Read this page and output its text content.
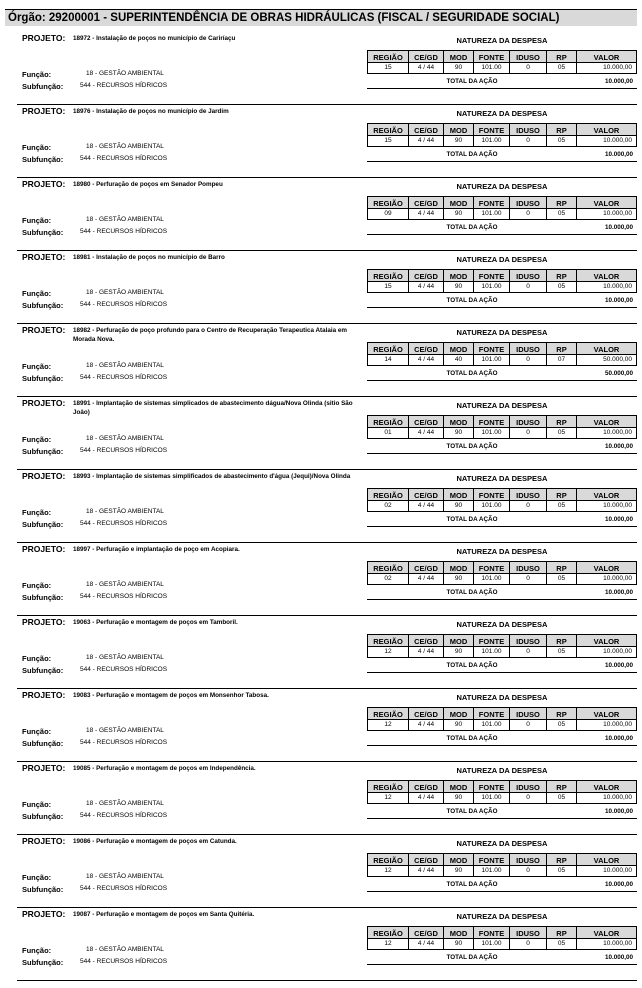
Órgão: 29200001 - SUPERINTENDÊNCIA DE OBRAS HIDRÁULICAS (FISCAL / SEGURIDADE SOCIAL)
PROJETO: 18972 - Instalação de poços no município de Cariríaçu	NATUREZA DA DESPESA
REGIÃO	CE/GD	MOD	FONTE	IDUSO	RP	VALOR
15	4 / 44	90	101.00	0	05	10.000,00
Função:	18 - GESTÃO AMBIENTAL
Subfunção:	544 - RECURSOS HÍDRICOS
TOTAL DA AÇÃO	10.000,00
PROJETO: 18976 - Instalação de poços no município de Jardim	NATUREZA DA DESPESA
REGIÃO	CE/GD	MOD	FONTE	IDUSO	RP	VALOR
15	4 / 44	90	101.00	0	05	10.000,00
Função:	18 - GESTÃO AMBIENTAL
Subfunção:	544 - RECURSOS HÍDRICOS
TOTAL DA AÇÃO	10.000,00
PROJETO: 18980 - Perfuração de poços em Senador Pompeu	NATUREZA DA DESPESA
REGIÃO	CE/GD	MOD	FONTE	IDUSO	RP	VALOR
09	4 / 44	90	101.00	0	05	10.000,00
Função:	18 - GESTÃO AMBIENTAL
Subfunção:	544 - RECURSOS HÍDRICOS
TOTAL DA AÇÃO	10.000,00
PROJETO: 18981 - Instalação de poços no município de Barro	NATUREZA DA DESPESA
REGIÃO	CE/GD	MOD	FONTE	IDUSO	RP	VALOR
15	4 / 44	90	101.00	0	05	10.000,00
Função:	18 - GESTÃO AMBIENTAL
Subfunção:	544 - RECURSOS HÍDRICOS
TOTAL DA AÇÃO	10.000,00
PROJETO: 18982 - Perfuração de poço profundo para o Centro de Recuperação Terapeutica Atalaia em Morada Nova.
NATUREZA DA DESPESA
REGIÃO	CE/GD	MOD	FONTE	IDUSO	RP	VALOR
14	4 / 44	40	101.00	0	07	50.000,00
Função:	18 - GESTÃO AMBIENTAL
Subfunção:	544 - RECURSOS HÍDRICOS
TOTAL DA AÇÃO	50.000,00
PROJETO: 18991 - Implantação de sistemas simplicados de abastecimento dágua/Nova Olinda (sitio São Joâo)
NATUREZA DA DESPESA
REGIÃO	CE/GD	MOD	FONTE	IDUSO	RP	VALOR
01	4 / 44	90	101.00	0	05	10.000,00
Função:	18 - GESTÃO AMBIENTAL
Subfunção:	544 - RECURSOS HÍDRICOS
TOTAL DA AÇÃO	10.000,00
PROJETO: 18993 - Implantação de sistemas simplificados de abastecimento d'água (Jequi)/Nova Olinda	NATUREZA DA DESPESA
REGIÃO	CE/GD	MOD	FONTE	IDUSO	RP	VALOR
02	4 / 44	90	101.00	0	05	10.000,00
Função:	18 - GESTÃO AMBIENTAL
Subfunção:	544 - RECURSOS HÍDRICOS
TOTAL DA AÇÃO	10.000,00
PROJETO: 18997 - Perfuração e implantação de poço em Acopiara.	NATUREZA DA DESPESA
REGIÃO	CE/GD	MOD	FONTE	IDUSO	RP	VALOR
02	4 / 44	90	101.00	0	05	10.000,00
Função:	18 - GESTÃO AMBIENTAL
Subfunção:	544 - RECURSOS HÍDRICOS
TOTAL DA AÇÃO	10.000,00
PROJETO: 19063 - Perfuração e montagem de poços em Tamboril.	NATUREZA DA DESPESA
REGIÃO	CE/GD	MOD	FONTE	IDUSO	RP	VALOR
12	4 / 44	90	101.00	0	05	10.000,00
Função:	18 - GESTÃO AMBIENTAL
Subfunção:	544 - RECURSOS HÍDRICOS
TOTAL DA AÇÃO	10.000,00
PROJETO: 19083 - Perfuração e montagem de poços em Monsenhor Tabosa.	NATUREZA DA DESPESA
REGIÃO	CE/GD	MOD	FONTE	IDUSO	RP	VALOR
12	4 / 44	90	101.00	0	05	10.000,00
Função:	18 - GESTÃO AMBIENTAL
Subfunção:	544 - RECURSOS HÍDRICOS
TOTAL DA AÇÃO	10.000,00
PROJETO: 19085 - Perfuração e montagem de poços em Independência.	NATUREZA DA DESPESA
REGIÃO	CE/GD	MOD	FONTE	IDUSO	RP	VALOR
12	4 / 44	90	101.00	0	05	10.000,00
Função:	18 - GESTÃO AMBIENTAL
Subfunção:	544 - RECURSOS HÍDRICOS
TOTAL DA AÇÃO	10.000,00
PROJETO: 19086 - Perfuração e montagem de poços em Catunda.	NATUREZA DA DESPESA
REGIÃO	CE/GD	MOD	FONTE	IDUSO	RP	VALOR
12	4 / 44	90	101.00	0	05	10.000,00
Função:	18 - GESTÃO AMBIENTAL
Subfunção:	544 - RECURSOS HÍDRICOS
TOTAL DA AÇÃO	10.000,00
PROJETO: 19087 - Perfuração e montagem de poços em Santa Quitéria.	NATUREZA DA DESPESA
REGIÃO	CE/GD	MOD	FONTE	IDUSO	RP	VALOR
12	4 / 44	90	101.00	0	05	10.000,00
Função:	18 - GESTÃO AMBIENTAL
Subfunção:	544 - RECURSOS HÍDRICOS
TOTAL DA AÇÃO	10.000,00
